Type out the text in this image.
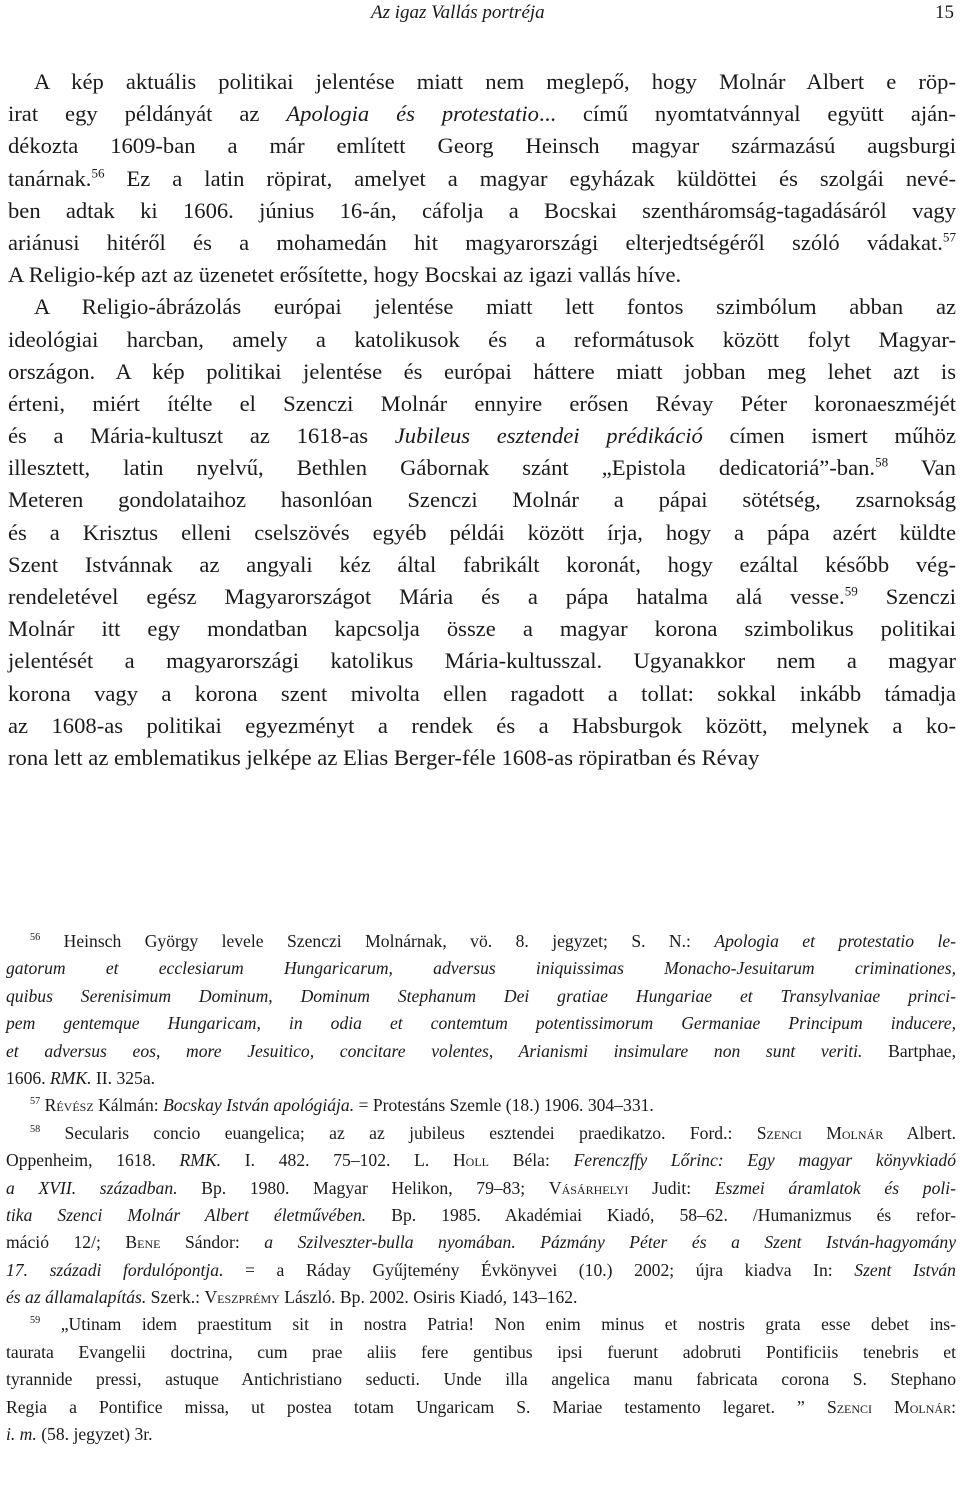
Az igaz Vallás portréja	15
A kép aktuális politikai jelentése miatt nem meglepő, hogy Molnár Albert e röp-
irat egy példányát az Apologia és protestatio... című nyomtatvánnyal együtt aján-
dékozta 1609-ban a már említett Georg Heinsch magyar származású augsburgi
tanárnak.$^{56}$ Ez a latin röpirat, amelyet a magyar egyházak küldöttei és szolgái nevé-
ben adtak ki 1606. június 16-án, cáfolja a Bocskai szentháromság-tagadásáról vagy
ariánusi hitéről és a mohamedán hit magyarországi elterjedtségéről szóló vádakat.$^{57}$
A Religio-kép azt az üzenetet erősítette, hogy Bocskai az igazi vallás híve.
A Religio-ábrázolás európai jelentése miatt lett fontos szimbólum abban az
ideológiai harcban, amely a katolikusok és a reformátusok között folyt Magyar-
országon. A kép politikai jelentése és európai háttere miatt jobban meg lehet azt is
érteni, miért ítélte el Szenczi Molnár ennyire erősen Révay Péter koronaeszméjét
és a Mária-kultuszt az 1618-as Jubileus esztendei prédikáció címen ismert műhöz
illesztett, latin nyelvű, Bethlen Gábornak szánt „Epistola dedicatoriá”-ban.$^{58}$ Van
Meteren gondolataihoz hasonlóan Szenczi Molnár a pápai sötétség, zsarnokság
és a Krisztus elleni cselszövés egyéb példái között írja, hogy a pápa azért küldte
Szent Istvánnak az angyali kéz által fabrikált koronát, hogy ezáltal később vég-
rendeletével egész Magyarországot Mária és a pápa hatalma alá vesse.$^{59}$ Szenczi
Molnár itt egy mondatban kapcsolja össze a magyar korona szimbolikus politikai
jelentését a magyarországi katolikus Mária-kultusszal. Ugyanakkor nem a magyar
korona vagy a korona szent mivolta ellen ragadott a tollat: sokkal inkább támadja
az 1608-as politikai egyezményt a rendek és a Habsburgok között, melynek a ko-
rona lett az emblematikus jelképe az Elias Berger-féle 1608-as röpiratban és Révay
$^{56}$ Heinsch György levele Szenczi Molnárnak, vö. 8. jegyzet; S. N.: Apologia et protestatio le-
gatorum et ecclesiarum Hungaricarum, adversus iniquissimas Monacho-Jesuitarum criminationes,
quibus Serenisimum Dominum, Dominum Stephanum Dei gratiae Hungariae et Transylvaniae princi-
pem gentemque Hungaricam, in odia et contemtum potentissimorum Germaniae Principum inducere,
et adversus eos, more Jesuitico, concitare volentes, Arianismi insimulare non sunt veriti. Bartphae,
1606. RMK. II. 325a.
$^{57}$ Révész Kálmán: Bocskay István apológiája. = Protestáns Szemle (18.) 1906. 304–331.
$^{58}$ Secularis concio euangelica; az az jubileus esztendei praedikatzo. Ford.: Szenci Molnár Albert.
Oppenheim, 1618. RMK. I. 482. 75–102. L. Holl Béla: Ferenczffy Lőrinc: Egy magyar könyvkiadó
a XVII. században. Bp. 1980. Magyar Helikon, 79–83; Vásárhelyi Judit: Eszmei áramlatok és poli-
tika Szenci Molnár Albert életművében. Bp. 1985. Akadémiai Kiadó, 58–62. /Humanizmus és refor-
máció 12/; Bene Sándor: a Szilveszter-bulla nyomában. Pázmány Péter és a Szent István-hagyomány
17. századi fordulópontja. = a Ráday Gyűjtemény Évkönyvei (10.) 2002; újra kiadva In: Szent István
és az államalapítás. Szerk.: Veszprémy László. Bp. 2002. Osiris Kiadó, 143–162.
$^{59}$ „Utinam idem praestitum sit in nostra Patria! Non enim minus et nostris grata esse debet ins-
taurata Evangelii doctrina, cum prae aliis fere gentibus ipsi fuerunt adobruti Pontificiis tenebris et
tyrannide pressi, astuque Antichristiano seducti. Unde illa angelica manu fabricata corona S. Stephano
Regia a Pontifice missa, ut postea totam Ungaricam S. Mariae testamento legaret. ” Szenci Molnár:
i. m. (58. jegyzet) 3r.
